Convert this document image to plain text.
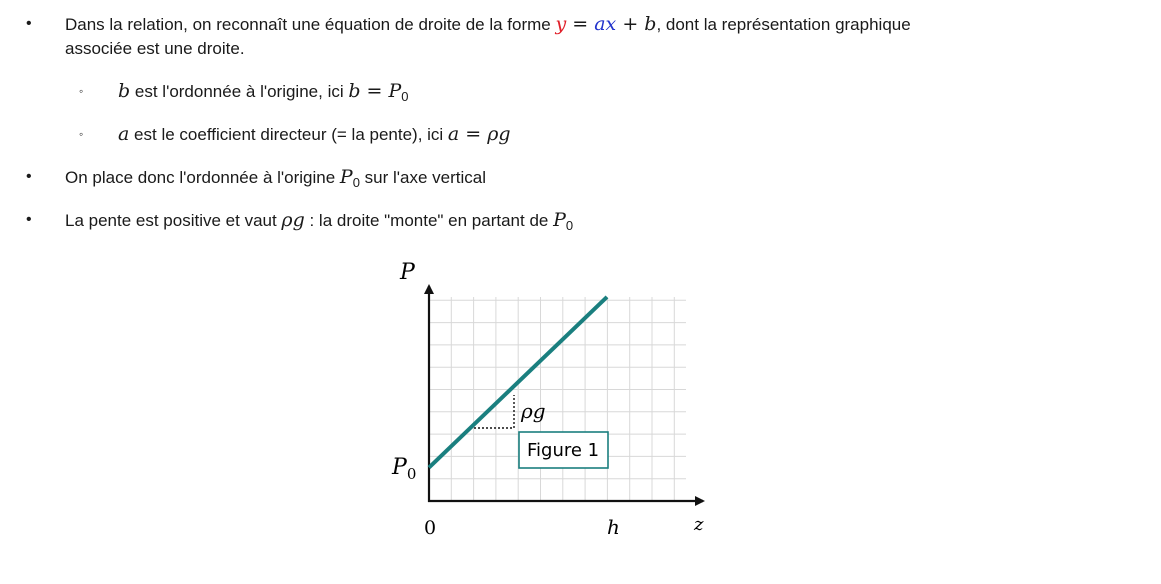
• Dans la relation, on reconnaît une équation de droite de la forme y = ax + b, dont la représentation graphique
associée est une droite.
◦ b est l'ordonnée à l'origine, ici $b = P_0$
◦ a est le coefficient directeur (= la pente), ici a = ρg
• On place donc l'ordonnée à l'origine $P_0$ sur l'axe vertical
• La pente est positive et vaut ρg : la droite "monte" en partant de $P_0$
P
z
0	h
$P_0$
ρg
Figure 1
